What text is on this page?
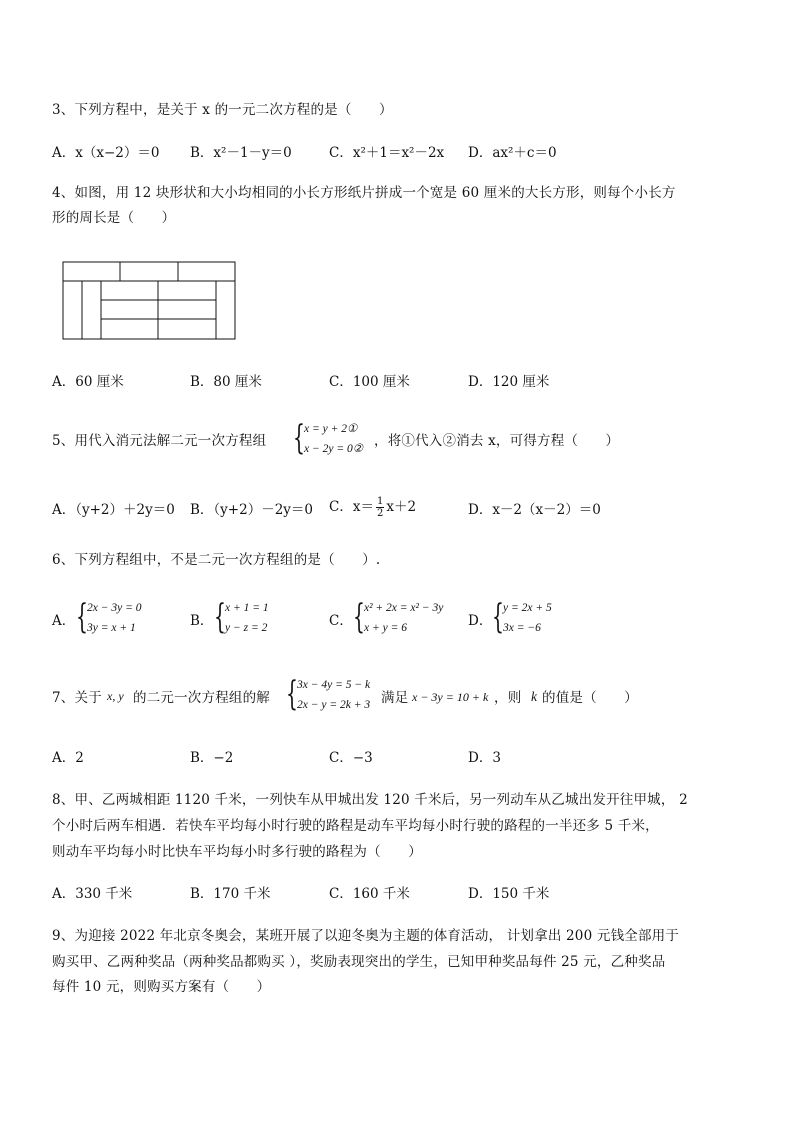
3、下列方程中，是关于 x 的一元二次方程的是（　　）
A．x（x−2）＝0 B．x²－1－y＝0	C．x²＋1＝x²－2x D．ax²＋c＝0
4、如图，用 12 块形状和大小均相同的小长方形纸片拼成一个宽是 60 厘米的大长方形，则每个小长方
形的周长是（　　）
A．60 厘米	B．80 厘米	C．100 厘米	D．120 厘米
5、用代入消元法解二元一次方程组 { x = y + 2①
x − 2y = 0② ，将①代入②消去 x，可得方程（　　）
A．（y+2）＋2y＝0 B．（y+2）－2y＝0 C．$x= \frac{1}{2} x+2$	D．x－2（x－2）＝0
6、下列方程组中，不是二元一次方程组的是（　　）.
A． { 2x − 3y = 0
3y = x + 1	B． { x + 1 = 1
y − z = 2	C． { x² + 2x = x² − 3y
x + y = 6	D． { y = 2x + 5
3x = −6
7、关于 x, y 的二元一次方程组的解 { 3x − 4y = 5 − k
2x − y = 2k + 3 满足 x − 3y = 10 + k ，则 k 的值是（　　）
A．2	B．−2	C．−3	D．3
8、甲、乙两城相距 1120 千米，一列快车从甲城出发 120 千米后，另一列动车从乙城出发开往甲城， 2
个小时后两车相遇．若快车平均每小时行驶的路程是动车平均每小时行驶的路程的一半还多 5 千米，
则动车平均每小时比快车平均每小时多行驶的路程为（　　）
A．330 千米	B．170 千米	C．160 千米	D．150 千米
9、为迎接 2022 年北京冬奥会，某班开展了以迎冬奥为主题的体育活动， 计划拿出 200 元钱全部用于
购买甲、乙两种奖品（两种奖品都购买 ），奖励表现突出的学生，已知甲种奖品每件 25 元，乙种奖品
每件 10 元，则购买方案有（　　）
